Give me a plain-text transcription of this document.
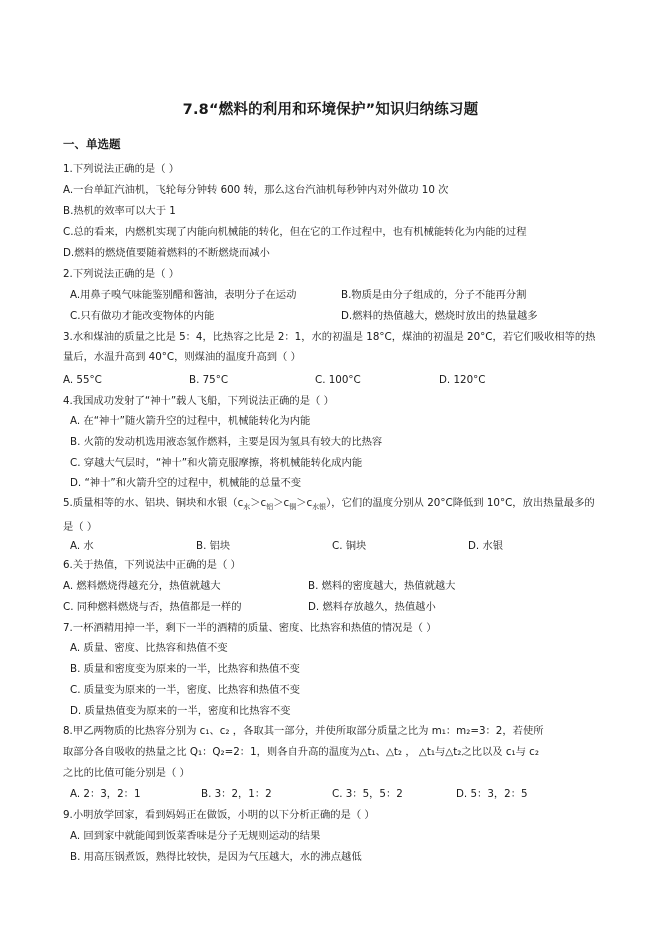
7.8“燃料的利用和环境保护”知识归纳练习题
一、单选题
1.下列说法正确的是（ ）
A.一台单缸汽油机，飞轮每分钟转 600 转，那么这台汽油机每秒钟内对外做功 10 次
B.热机的效率可以大于 1
C.总的看来，内燃机实现了内能向机械能的转化，但在它的工作过程中，也有机械能转化为内能的过程
D.燃料的燃烧值要随着燃料的不断燃烧而减小
2.下列说法正确的是（ ）
A.用鼻子嗅气味能鉴别醋和酱油，表明分子在运动	B.物质是由分子组成的，分子不能再分割
C.只有做功才能改变物体的内能	D.燃料的热值越大，燃烧时放出的热量越多
3.水和煤油的质量之比是 5：4，比热容之比是 2：1，水的初温是 18°C，煤油的初温是 20°C，若它们吸收相等的热量后，水温升高到 40°C，则煤油的温度升高到（ ）
A. 55°C	B. 75°C	C. 100°C	D. 120°C
4.我国成功发射了“神十”载人飞船，下列说法正确的是（ ）
A. 在“神十”随火箭升空的过程中，机械能转化为内能
B. 火箭的发动机选用液态氢作燃料，主要是因为氢具有较大的比热容
C. 穿越大气层时，“神十”和火箭克服摩擦，将机械能转化成内能
D. “神十”和火箭升空的过程中，机械能的总量不变
5.质量相等的水、铝块、铜块和水银$(c_水>c_铝>c_铜>c_{水银})$，它们的温度分别从 20°C降低到 10°C，放出热量最多的是（ ）
A. 水	B. 铝块	C. 铜块	D. 水银
6.关于热值，下列说法中正确的是（ ）
A. 燃料燃烧得越充分，热值就越大	B. 燃料的密度越大，热值就越大
C. 同种燃料燃烧与否，热值都是一样的	D. 燃料存放越久，热值越小
7.一杯酒精用掉一半，剩下一半的酒精的质量、密度、比热容和热值的情况是（ ）
A. 质量、密度、比热容和热值不变
B. 质量和密度变为原来的一半，比热容和热值不变
C. 质量变为原来的一半，密度、比热容和热值不变
D. 质量热值变为原来的一半，密度和比热容不变
8.甲乙两物质的比热容分别为 c₁、c₂ ，各取其一部分，并使所取部分质量之比为 m₁：m₂=3：2，若使所
取部分各自吸收的热量之比 Q₁：Q₂=2：1，则各自升高的温度为△t₁、△t₂ ， △t₁与△t₂之比以及 c₁与 c₂
之比的比值可能分别是（ ）
A. 2：3，2：1	B. 3：2，1：2	C. 3：5，5：2	D. 5：3，2：5
9.小明放学回家，看到妈妈正在做饭，小明的以下分析正确的是（ ）
A. 回到家中就能闻到饭菜香味是分子无规则运动的结果
B. 用高压锅煮饭，熟得比较快，是因为气压越大，水的沸点越低
